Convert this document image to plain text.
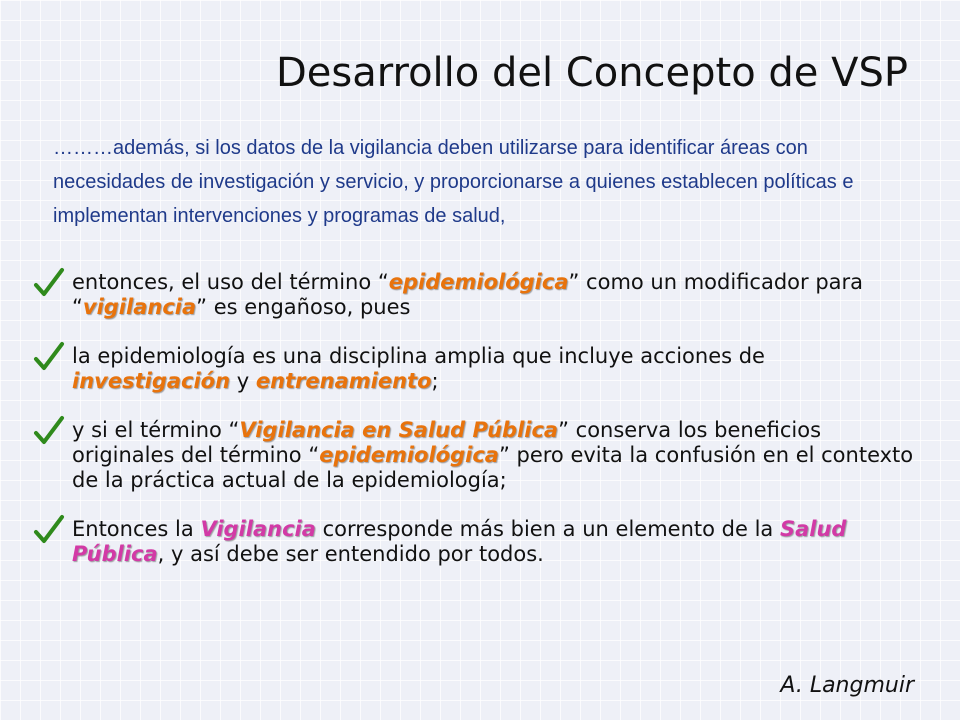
Desarrollo del Concepto de VSP

………además, si los datos de la vigilancia deben utilizarse para identificar áreas con necesidades de investigación y servicio, y proporcionarse a quienes establecen políticas e implementan intervenciones y programas de salud,

entonces, el uso del término “epidemiológica” como un modificador para “vigilancia” es engañoso, pues
la epidemiología es una disciplina amplia que incluye acciones de investigación y entrenamiento;
y si el término “Vigilancia en Salud Pública” conserva los beneficios originales del término “epidemiológica” pero evita la confusión en el contexto de la práctica actual de la epidemiología;
Entonces la Vigilancia corresponde más bien a un elemento de la Salud Pública, y así debe ser entendido por todos.
A. Langmuir
